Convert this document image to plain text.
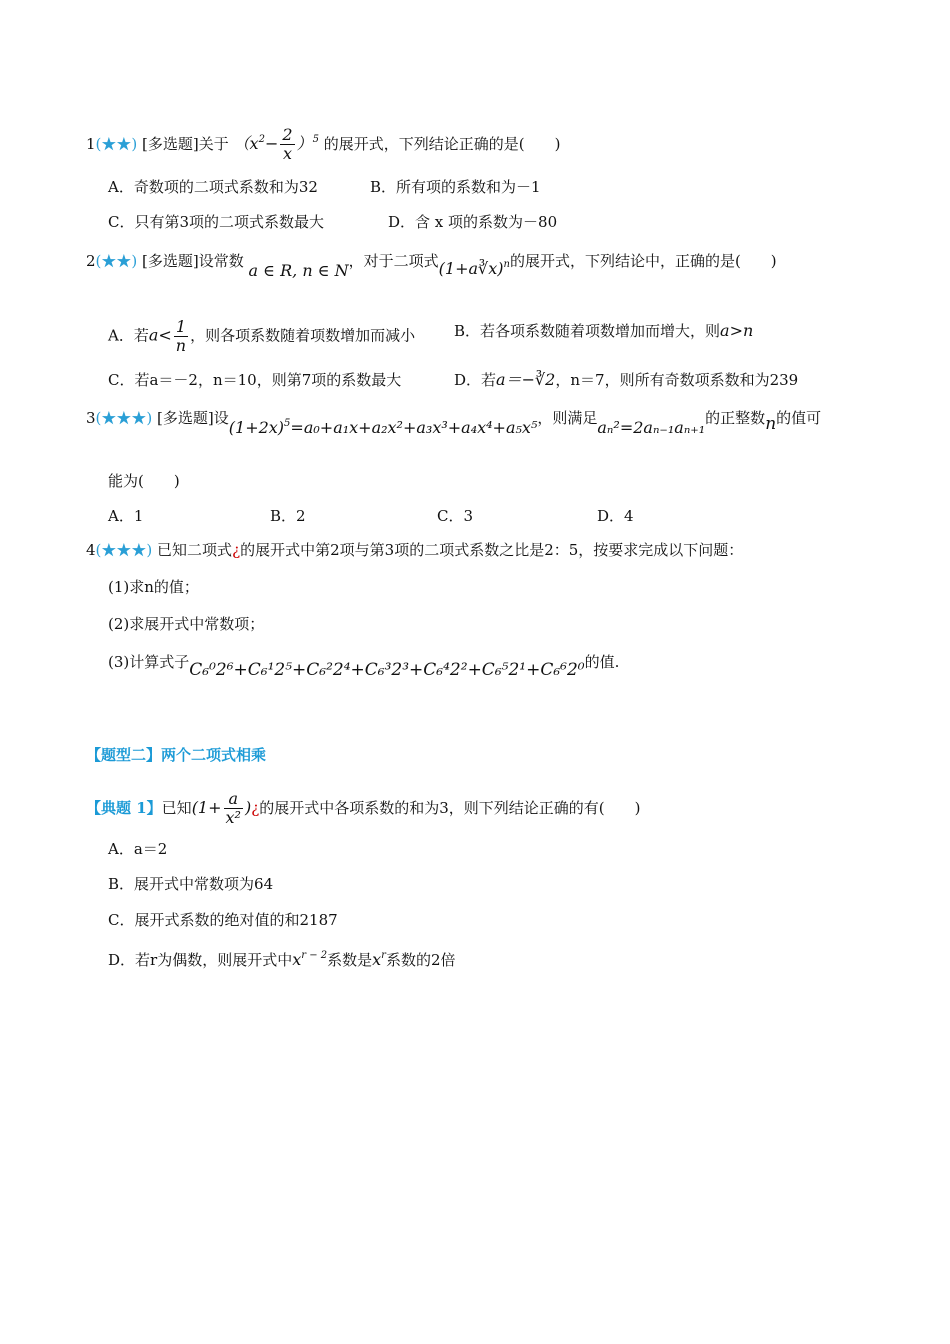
1(★★) [多选题]关于 $(x^2- \frac{2}{x} )^5$ 的展开式，下列结论正确的是(　　)
A．奇数项的二项式系数和为32	B．所有项的系数和为－1
C．只有第3项的二项式系数最大	D．含 x 项的系数为－80
2(★★) [多选题]设常数 a ∈ R, n ∈ N，对于二项式(1+a∛x)$^n$的展开式，下列结论中，正确的是(　　)
A．若$a< \frac{1}{n}$ ，则各项系数随着项数增加而减小	B．若各项系数随着项数增加而增大，则a>n
C．若a＝－2，n＝10，则第7项的系数最大	D．若a＝−∛2，n＝7，则所有奇数项系数和为239
3(★★★) [多选题]设$(1+2x)^5=a_0+a_1x+a_2x^2+a_3x^3+a_4x^4+a_5x^5$，则满足aₙ²=2aₙ₋₁aₙ₊₁的正整数n的值可
能为(　　)
A．1	B．2	C．3	D．4
4(★★★) 已知二项式¿的展开式中第2项与第3项的二项式系数之比是2：5，按要求完成以下问题：
(1)求n的值；
(2)求展开式中常数项；
(3)计算式子C₆⁰2⁶+C₆¹2⁵+C₆²2⁴+C₆³2³+C₆⁴2²+C₆⁵2¹+C₆⁶2⁰的值.
【题型二】两个二项式相乘
【典题 1】已知($1+ \frac{a}{\text{x²}}$ )¿的展开式中各项系数的和为3，则下列结论正确的有(　　)
A．a＝2
B．展开式中常数项为64
C．展开式系数的绝对值的和2187
D．若r为偶数，则展开式中$x^{r - 2}$系数是$x^r$系数的2倍
